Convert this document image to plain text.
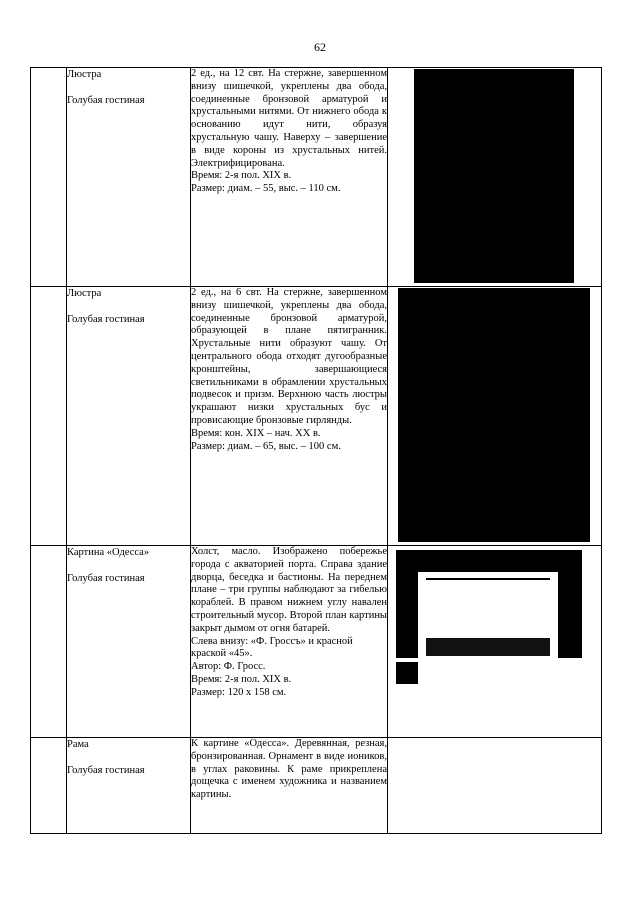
62

	Люстра
Голубая гостиная	2 ед., на 12 свт. На стержне, завершенном внизу шишечкой, укреплены два обода, соединенные бронзовой арматурой и хрустальными нитями. От нижнего обода к основанию идут нити, образуя хрустальную чашу. Наверху – завершение в виде короны из хрустальных нитей. Электрифицирована.
Время: 2-я пол. XIX в.
Размер: диам. – 55, выс. – 110 см.	

	Люстра
Голубая гостиная	2 ед., на 6 свт. На стержне, завершенном внизу шишечкой, укреплены два обода, соединенные бронзовой арматурой, образующей в плане пятигранник. Хрустальные нити образуют чашу. От центрального обода отходят дугообразные кронштейны, завершающиеся светильниками в обрамлении хрустальных подвесок и призм. Верхнюю часть люстры украшают низки хрустальных бус и провисающие бронзовые гирлянды.
Время: кон. XIX – нач. XX в.
Размер: диам. – 65, выс. – 100 см.	

	Картина «Одесса»
Голубая гостиная	Холст, масло. Изображено побережье города с акваторией порта. Справа здание дворца, беседка и бастионы. На переднем плане – три группы наблюдают за гибелью кораблей. В правом нижнем углу навален строительный мусор. Второй план картины закрыт дымом от огня батарей.
Слева внизу: «Ф. Гроссъ» и красной краской «45».
Автор: Ф. Гросс.
Время: 2-я пол. XIX в.
Размер: 120 х 158 см.	

	Рама
Голубая гостиная	К картине «Одесса». Деревянная, резная, бронзированная. Орнамент в виде иоников, в углах раковины. К раме прикреплена дощечка с именем художника и названием картины.	
